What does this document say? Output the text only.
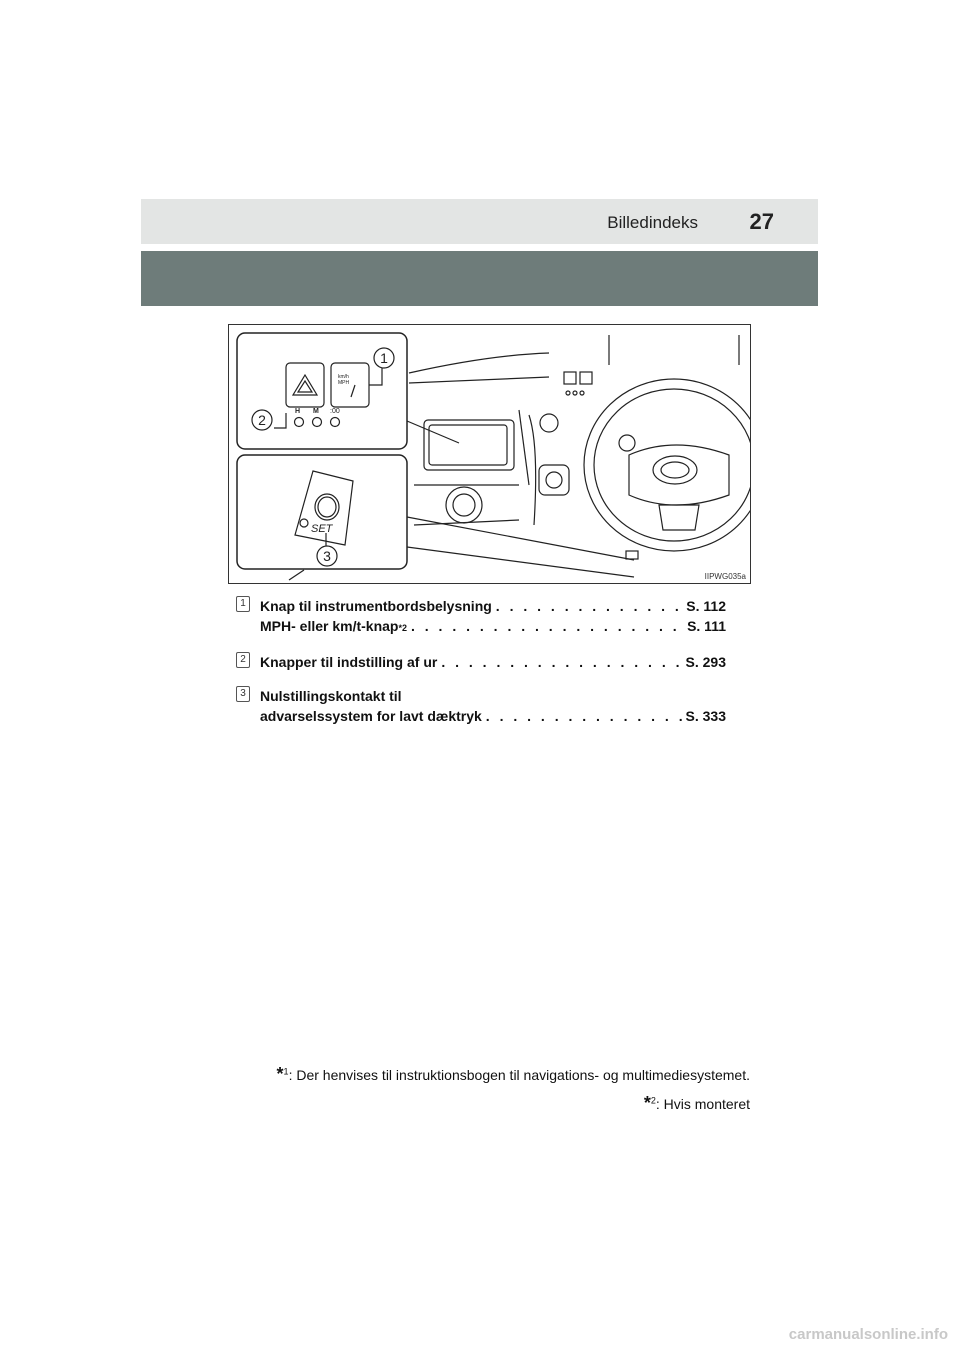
Billedindeks 27
km/h
MPH
H M :00
1
2
SET
3
IIPWG035a
1	Knap til instrumentbordsbelysning . . .	S. 112
MPH- eller km/t-knap *2 . . .	S. 111
2	Knapper til indstilling af ur . . .	S. 293
3	Nulstillingskontakt til
advarselssystem for lavt dæktryk . . .	S. 333
*$^1$: Der henvises til instruktionsbogen til navigations- og multimediesystemet.
*$^2$: Hvis monteret
carmanualsonline.info
